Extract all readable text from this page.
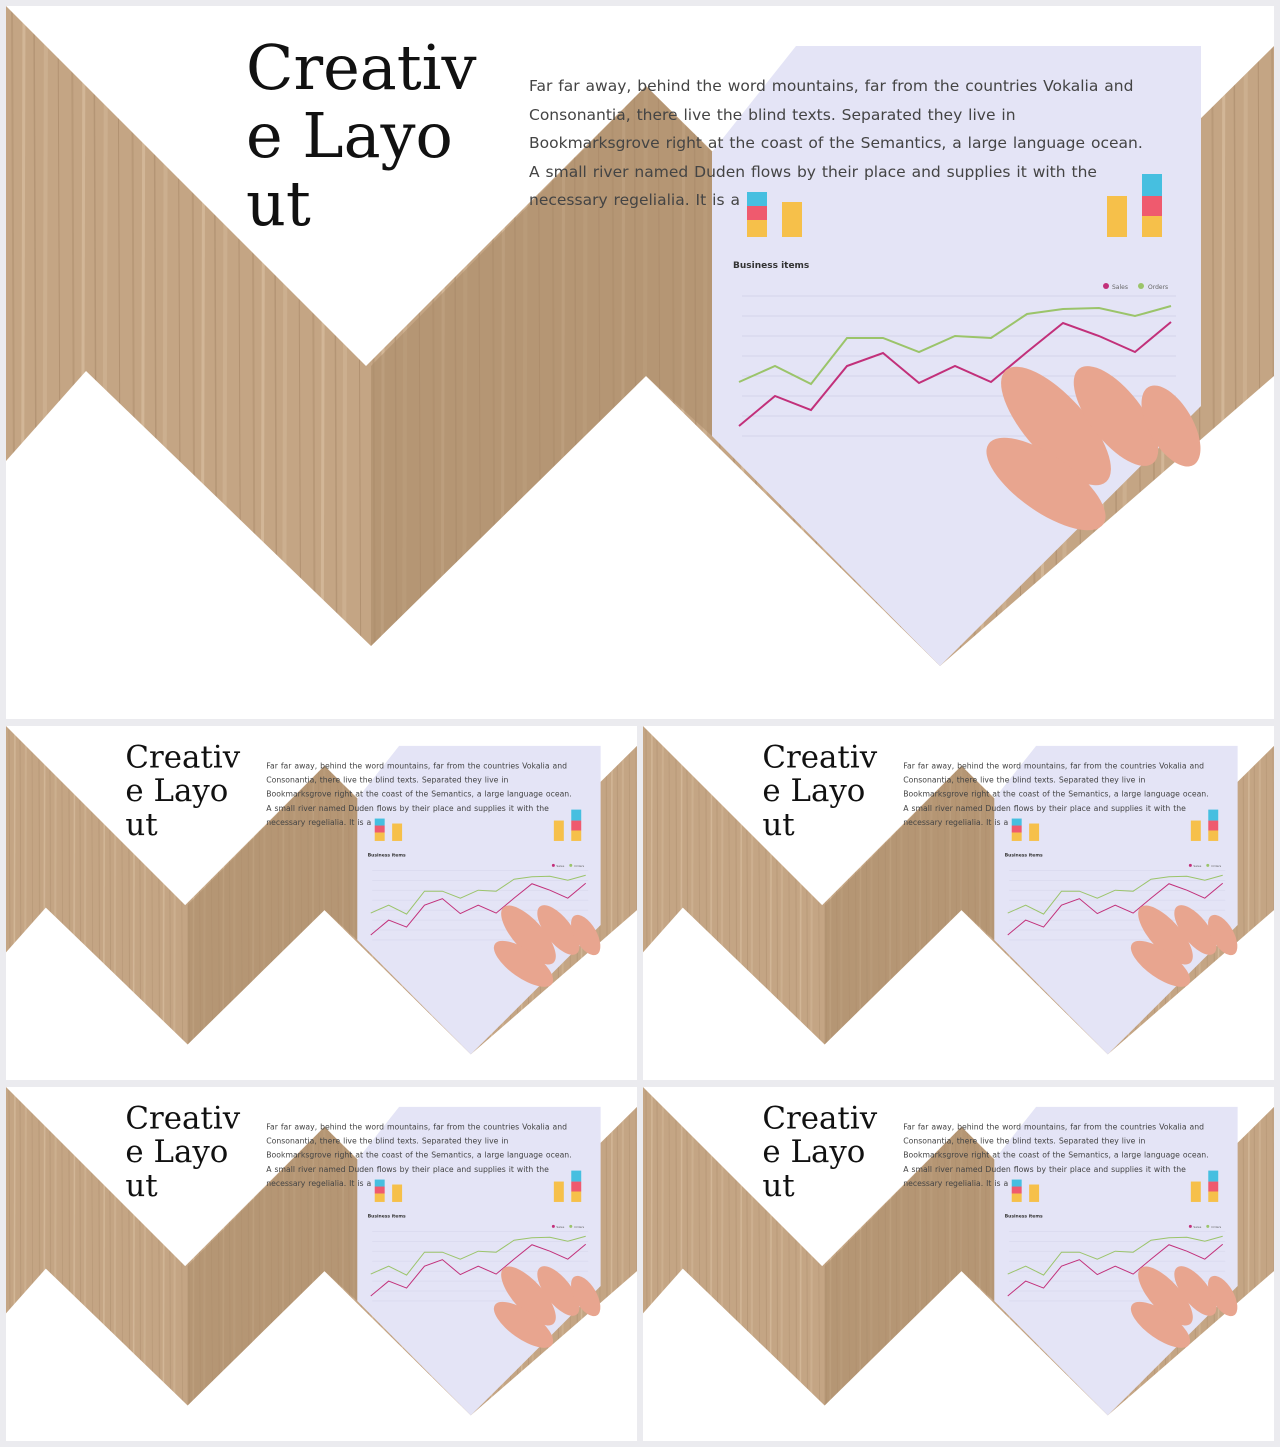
Business items
Sales	Orders
Creative Layout

Far far away, behind the word mountains, far from the countries Vokalia and Consonantia, there live the blind texts. Separated they live in Bookmarksgrove right at the coast of the Semantics, a large language ocean. A small river named Duden flows by their place and supplies it with the necessary regelialia. It is a

Business items
Sales Orders
Creative Layout

Far far away, behind the word mountains, far from the countries Vokalia and Consonantia, there live the blind texts. Separated they live in Bookmarksgrove right at the coast of the Semantics, a large language ocean. A small river named Duden flows by their place and supplies it with the necessary regelialia. It is a

Business items
Sales Orders
Creative Layout

Far far away, behind the word mountains, far from the countries Vokalia and Consonantia, there live the blind texts. Separated they live in Bookmarksgrove right at the coast of the Semantics, a large language ocean. A small river named Duden flows by their place and supplies it with the necessary regelialia. It is a

Business items
Sales Orders
Creative Layout

Far far away, behind the word mountains, far from the countries Vokalia and Consonantia, there live the blind texts. Separated they live in Bookmarksgrove right at the coast of the Semantics, a large language ocean. A small river named Duden flows by their place and supplies it with the necessary regelialia. It is a

Business items
Sales Orders
Creative Layout

Far far away, behind the word mountains, far from the countries Vokalia and Consonantia, there live the blind texts. Separated they live in Bookmarksgrove right at the coast of the Semantics, a large language ocean. A small river named Duden flows by their place and supplies it with the necessary regelialia. It is a
